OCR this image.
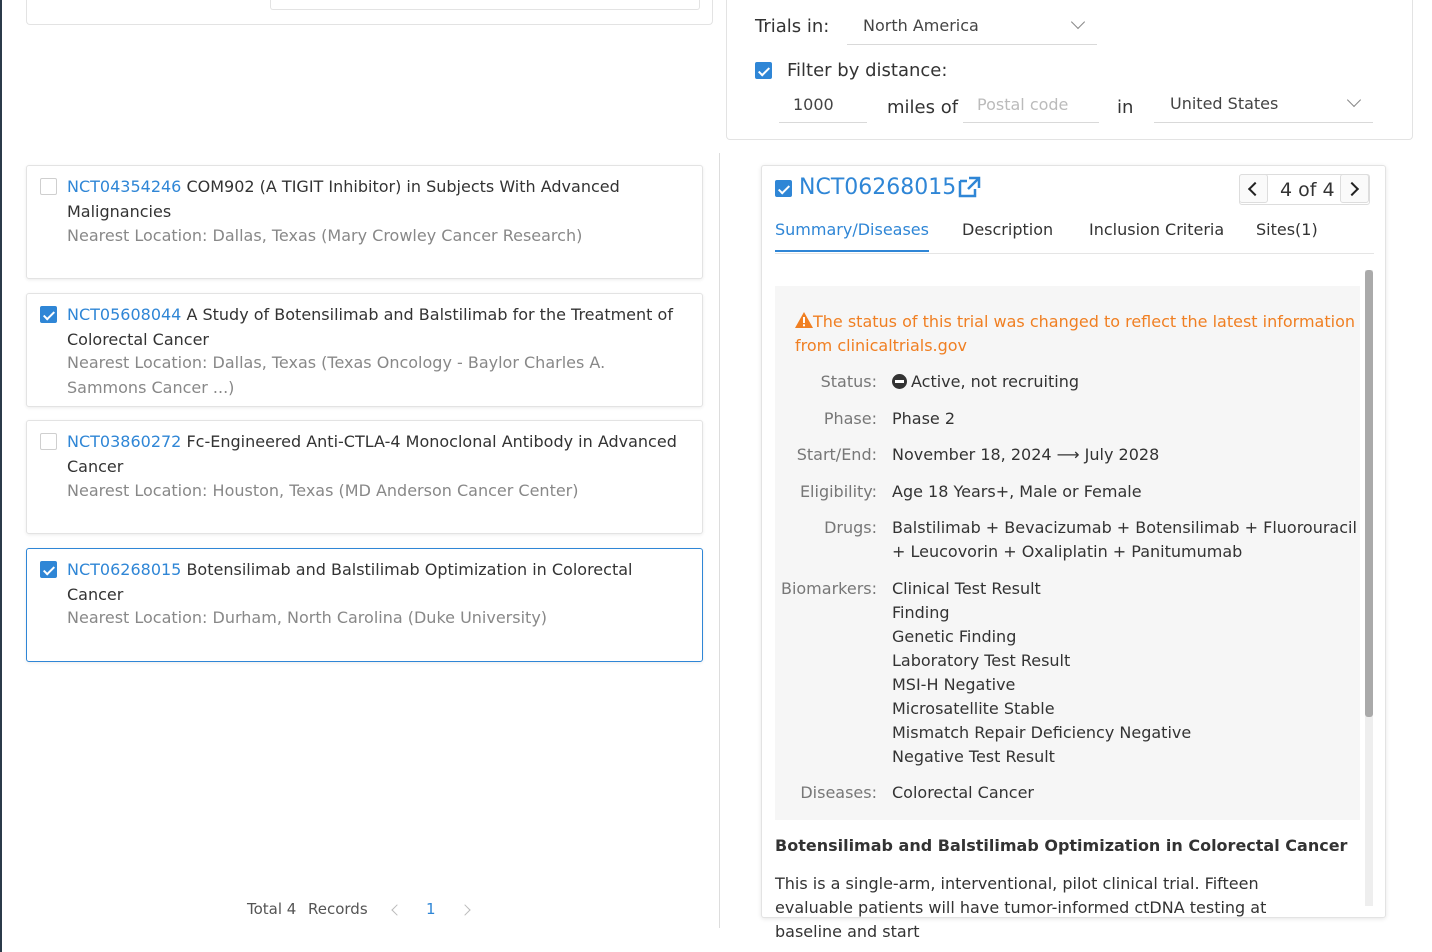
Trials in: North America
Filter by distance:
1000	miles of Postal code	in United States
NCT04354246 COM902 (A TIGIT Inhibitor) in Subjects With Advanced Malignancies
Nearest Location: Dallas, Texas (Mary Crowley Cancer Research)
NCT05608044 A Study of Botensilimab and Balstilimab for the Treatment of Colorectal Cancer
Nearest Location: Dallas, Texas (Texas Oncology - Baylor Charles A. Sammons Cancer ...)
NCT03860272 Fc-Engineered Anti-CTLA-4 Monoclonal Antibody in Advanced Cancer
Nearest Location: Houston, Texas (MD Anderson Cancer Center)
NCT06268015 Botensilimab and Balstilimab Optimization in Colorectal Cancer
Nearest Location: Durham, North Carolina (Duke University)
Total 4 Records	1
NCT06268015	4 of 4
Summary/Diseases Description Inclusion Criteria Sites(1)
The status of this trial was changed to reflect the latest information from clinicaltrials.gov
Status:	Active, not recruiting
Phase: Phase 2
Start/End: November 18, 2024 ⟶ July 2028
Eligibility: Age 18 Years+, Male or Female
Drugs: Balstilimab + Bevacizumab + Botensilimab + Fluorouracil + Leucovorin + Oxaliplatin + Panitumumab
Biomarkers: Clinical Test Result
Finding
Genetic Finding
Laboratory Test Result
MSI-H Negative
Microsatellite Stable
Mismatch Repair Deficiency Negative
Negative Test Result
Diseases: Colorectal Cancer
Botensilimab and Balstilimab Optimization in Colorectal Cancer
This is a single-arm, interventional, pilot clinical trial. Fifteen evaluable patients will have tumor-informed ctDNA testing at baseline and start
